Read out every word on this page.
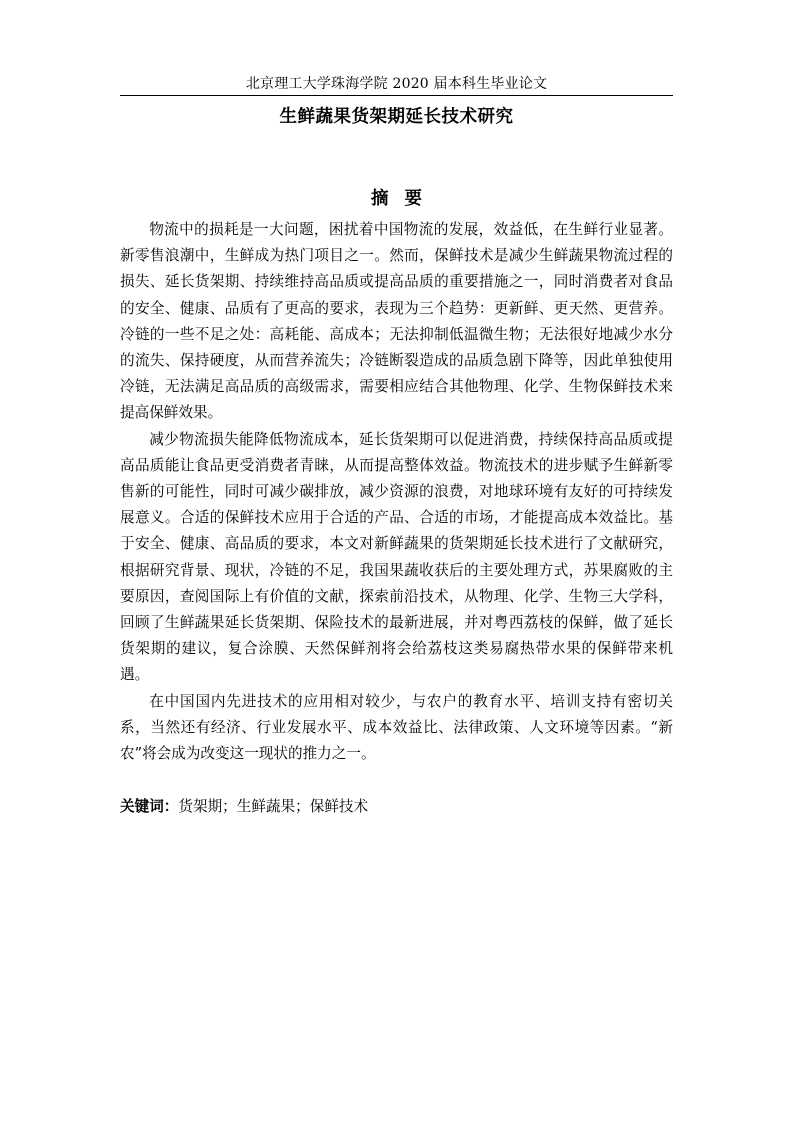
北京理工大学珠海学院 2020 届本科生毕业论文
生鲜蔬果货架期延长技术研究
摘要

物流中的损耗是一大问题，困扰着中国物流的发展，效益低，在生鲜行业显著。新零售浪潮中，生鲜成为热门项目之一。然而，保鲜技术是减少生鲜蔬果物流过程的损失、延长货架期、持续维持高品质或提高品质的重要措施之一，同时消费者对食品的安全、健康、品质有了更高的要求，表现为三个趋势：更新鲜、更天然、更营养。冷链的一些不足之处：高耗能、高成本；无法抑制低温微生物；无法很好地减少水分的流失、保持硬度，从而营养流失；冷链断裂造成的品质急剧下降等，因此单独使用冷链，无法满足高品质的高级需求，需要相应结合其他物理、化学、生物保鲜技术来提高保鲜效果。

减少物流损失能降低物流成本，延长货架期可以促进消费，持续保持高品质或提高品质能让食品更受消费者青睐，从而提高整体效益。物流技术的进步赋予生鲜新零售新的可能性，同时可减少碳排放，减少资源的浪费，对地球环境有友好的可持续发展意义。合适的保鲜技术应用于合适的产品、合适的市场，才能提高成本效益比。基于安全、健康、高品质的要求，本文对新鲜蔬果的货架期延长技术进行了文献研究，根据研究背景、现状，冷链的不足，我国果蔬收获后的主要处理方式，苏果腐败的主要原因，查阅国际上有价值的文献，探索前沿技术，从物理、化学、生物三大学科，回顾了生鲜蔬果延长货架期、保险技术的最新进展，并对粤西荔枝的保鲜，做了延长货架期的建议，复合涂膜、天然保鲜剂将会给荔枝这类易腐热带水果的保鲜带来机遇。

在中国国内先进技术的应用相对较少，与农户的教育水平、培训支持有密切关系，当然还有经济、行业发展水平、成本效益比、法律政策、人文环境等因素。“新农”将会成为改变这一现状的推力之一。

关键词：货架期；生鲜蔬果；保鲜技术
